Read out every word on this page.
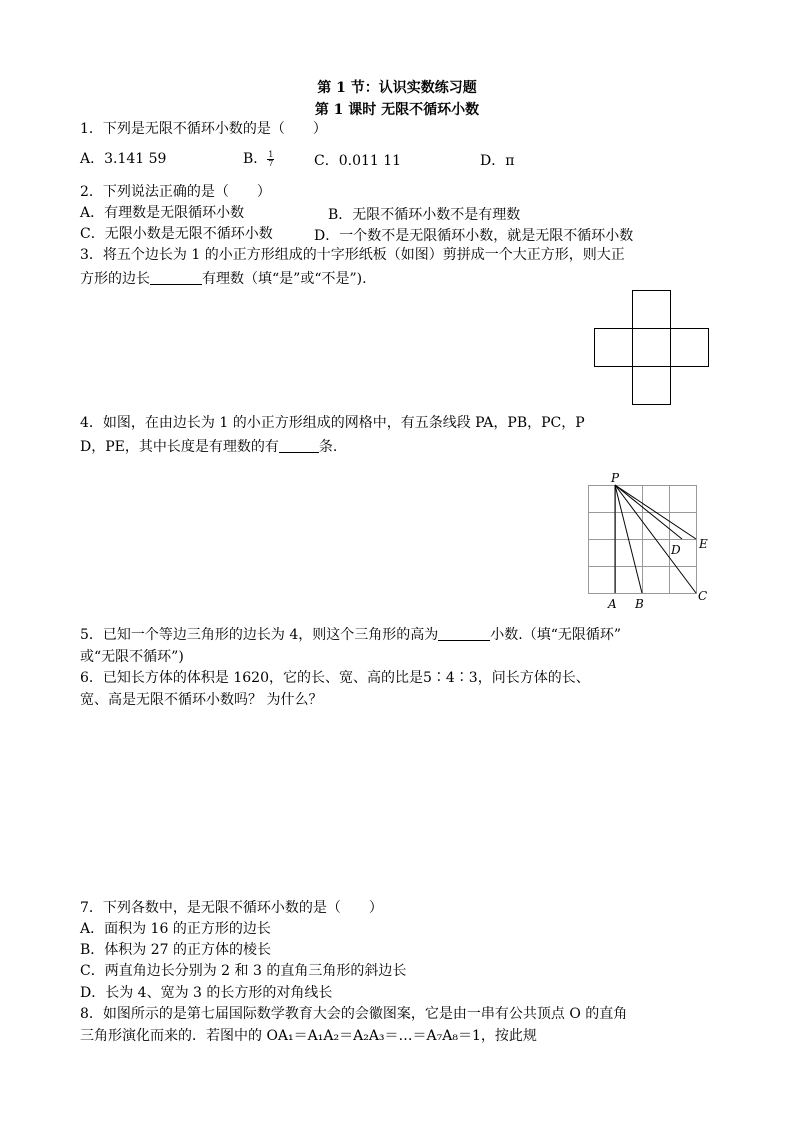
第 1 节：认识实数练习题
第 1 课时 无限不循环小数
1．下列是无限不循环小数的是（　　）
A．3.141 59	B． $\frac{1}{7}$	C．0.011 11	D．π
2．下列说法正确的是（　　）
A．有理数是无限循环小数	B．无限不循环小数不是有理数
C．无限小数是无限不循环小数	D．一个数不是无限循环小数，就是无限不循环小数
3．将五个边长为 1 的小正方形组成的十字形纸板（如图）剪拼成一个大正方形，则大正
方形的边长	有理数（填“是”或“不是”).
4．如图，在由边长为 1 的小正方形组成的网格中，有五条线段 PA，PB，PC，P
D，PE，其中长度是有理数的有	条.
P
A B
C
D E
5．已知一个等边三角形的边长为 4，则这个三角形的高为	小数.（填“无限循环”
或“无限不循环”)
6．已知长方体的体积是 1620，它的长、宽、高的比是5∶4∶3，问长方体的长、
宽、高是无限不循环小数吗？ 为什么？
7．下列各数中，是无限不循环小数的是（　　）
A．面积为 16 的正方形的边长
B．体积为 27 的正方体的棱长
C．两直角边长分别为 2 和 3 的直角三角形的斜边长
D．长为 4、宽为 3 的长方形的对角线长
8．如图所示的是第七届国际数学教育大会的会徽图案，它是由一串有公共顶点 O 的直角
三角形演化而来的．若图中的 OA₁＝A₁A₂＝A₂A₃＝…＝A₇A₈＝1，按此规
